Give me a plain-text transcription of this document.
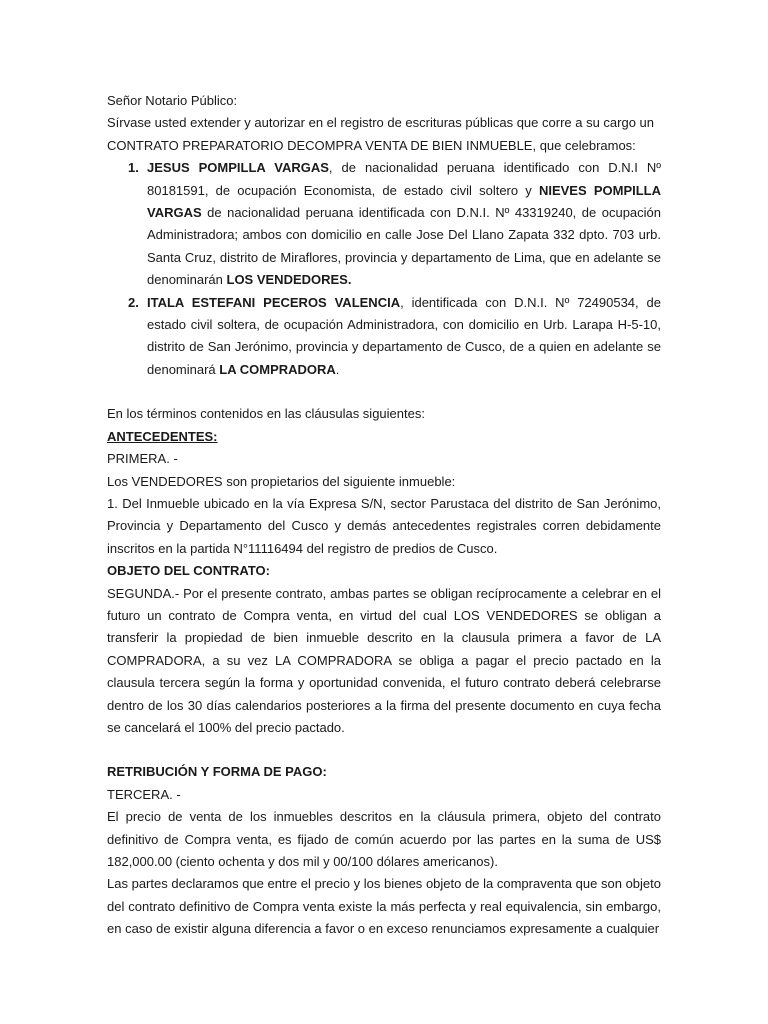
Señor Notario Público:

Sírvase usted extender y autorizar en el registro de escrituras públicas que corre a su cargo un

CONTRATO PREPARATORIO DECOMPRA VENTA DE BIEN INMUEBLE, que celebramos:

1. JESUS POMPILLA VARGAS, de nacionalidad peruana identificado con D.N.I Nº 80181591, de ocupación Economista, de estado civil soltero y NIEVES POMPILLA VARGAS de nacionalidad peruana identificada con D.N.I. Nº 43319240, de ocupación Administradora; ambos con domicilio en calle Jose Del Llano Zapata 332 dpto. 703 urb. Santa Cruz, distrito de Miraflores, provincia y departamento de Lima, que en adelante se denominarán LOS VENDEDORES.
2. ITALA ESTEFANI PECEROS VALENCIA, identificada con D.N.I. Nº 72490534, de estado civil soltera, de ocupación Administradora, con domicilio en Urb. Larapa H-5-10, distrito de San Jerónimo, provincia y departamento de Cusco, de a quien en adelante se denominará LA COMPRADORA.

En los términos contenidos en las cláusulas siguientes:

ANTECEDENTES:

PRIMERA. -

Los VENDEDORES son propietarios del siguiente inmueble:

1. Del Inmueble ubicado en la vía Expresa S/N, sector Parustaca del distrito de San Jerónimo, Provincia y Departamento del Cusco y demás antecedentes registrales corren debidamente inscritos en la partida N°11116494 del registro de predios de Cusco.

OBJETO DEL CONTRATO:

SEGUNDA.- Por el presente contrato, ambas partes se obligan recíprocamente a celebrar en el futuro un contrato de Compra venta, en virtud del cual LOS VENDEDORES se obligan a transferir la propiedad de bien inmueble descrito en la clausula primera a favor de LA COMPRADORA, a su vez LA COMPRADORA se obliga a pagar el precio pactado en la clausula tercera según la forma y oportunidad convenida, el futuro contrato deberá celebrarse dentro de los 30 días calendarios posteriores a la firma del presente documento en cuya fecha se cancelará el 100% del precio pactado.

RETRIBUCIÓN Y FORMA DE PAGO:

TERCERA. -

El precio de venta de los inmuebles descritos en la cláusula primera, objeto del contrato definitivo de Compra venta, es fijado de común acuerdo por las partes en la suma de US$ 182,000.00 (ciento ochenta y dos mil y 00/100 dólares americanos).

Las partes declaramos que entre el precio y los bienes objeto de la compraventa que son objeto del contrato definitivo de Compra venta existe la más perfecta y real equivalencia, sin embargo, en caso de existir alguna diferencia a favor o en exceso renunciamos expresamente a cualquier
